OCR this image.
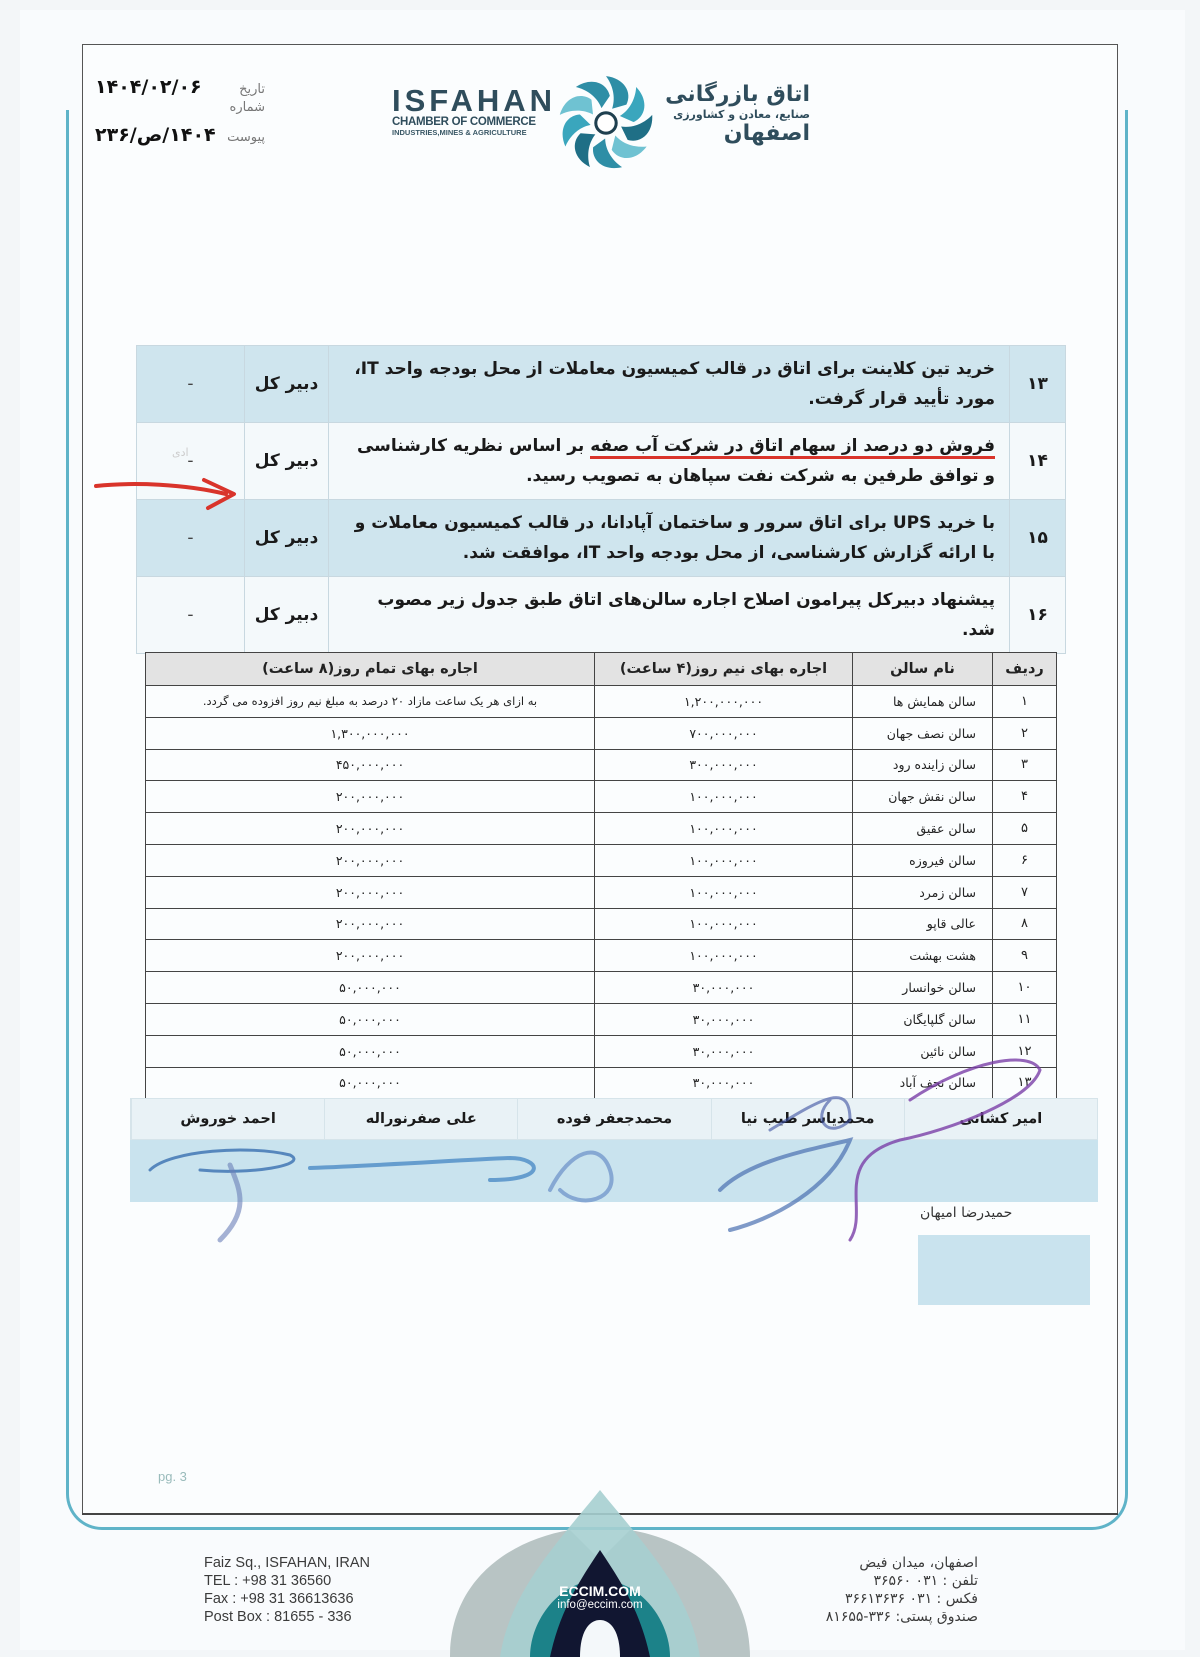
تاریخ
۱۴۰۴/۰۲/۰۶
شماره
پیوست
۱۴۰۴/ص/۲۳۶
ISFAHAN
CHAMBER OF COMMERCE
INDUSTRIES,MINES & AGRICULTURE
اتاق بازرگانی
صنایع، معادن و کشاورزی
اصفهان
۱۳	خرید تین کلاینت برای اتاق در قالب کمیسیون معاملات از محل بودجه واحد IT، مورد تأیید قرار گرفت.	دبیر کل	-
۱۴	فروش دو درصد از سهام اتاق در شرکت آب صفه بر اساس نظریه کارشناسی و توافق طرفین به شرکت نفت سپاهان به تصویب رسید.	دبیر کل	-
۱۵	با خرید UPS برای اتاق سرور و ساختمان آپادانا، در قالب کمیسیون معاملات و با ارائه گزارش کارشناسی، از محل بودجه واحد IT، موافقت شد.	دبیر کل	-
۱۶	پیشنهاد دبیرکل پیرامون اصلاح اجاره سالن‌های اتاق طبق جدول زیر مصوب شد.	دبیر کل	-
ادی
ردیف	نام سالن	اجاره بهای نیم روز(۴ ساعت)	اجاره بهای تمام روز(۸ ساعت)
۱	سالن همایش ها	۱,۲۰۰,۰۰۰,۰۰۰	به ازای هر یک ساعت مازاد ۲۰ درصد به مبلغ نیم روز افزوده می گردد.
۲	سالن نصف جهان	۷۰۰,۰۰۰,۰۰۰	۱,۳۰۰,۰۰۰,۰۰۰
۳	سالن زاینده رود	۳۰۰,۰۰۰,۰۰۰	۴۵۰,۰۰۰,۰۰۰
۴	سالن نقش جهان	۱۰۰,۰۰۰,۰۰۰	۲۰۰,۰۰۰,۰۰۰
۵	سالن عقیق	۱۰۰,۰۰۰,۰۰۰	۲۰۰,۰۰۰,۰۰۰
۶	سالن فیروزه	۱۰۰,۰۰۰,۰۰۰	۲۰۰,۰۰۰,۰۰۰
۷	سالن زمرد	۱۰۰,۰۰۰,۰۰۰	۲۰۰,۰۰۰,۰۰۰
۸	عالی قاپو	۱۰۰,۰۰۰,۰۰۰	۲۰۰,۰۰۰,۰۰۰
۹	هشت بهشت	۱۰۰,۰۰۰,۰۰۰	۲۰۰,۰۰۰,۰۰۰
۱۰	سالن خوانسار	۳۰,۰۰۰,۰۰۰	۵۰,۰۰۰,۰۰۰
۱۱	سالن گلپایگان	۳۰,۰۰۰,۰۰۰	۵۰,۰۰۰,۰۰۰
۱۲	سالن نائین	۳۰,۰۰۰,۰۰۰	۵۰,۰۰۰,۰۰۰
۱۳	سالن نجف آباد	۳۰,۰۰۰,۰۰۰	۵۰,۰۰۰,۰۰۰
امیر کشانی
محمدیاسر طیب نیا
محمدجعفر فوده
علی صفرنوراله
احمد خوروش
حمیدرضا امیهان
pg. 3
ECCIM.COM
info@eccim.com
Faiz Sq., ISFAHAN, IRAN
TEL : +98 31 36560
Fax : +98 31 36613636
Post Box : 81655 - 336
اصفهان، میدان فیض
تلفن : ۰۳۱ ۳۶۵۶۰
فکس : ۰۳۱ ۳۶۶۱۳۶۳۶
صندوق پستی: ۳۳۶-۸۱۶۵۵
